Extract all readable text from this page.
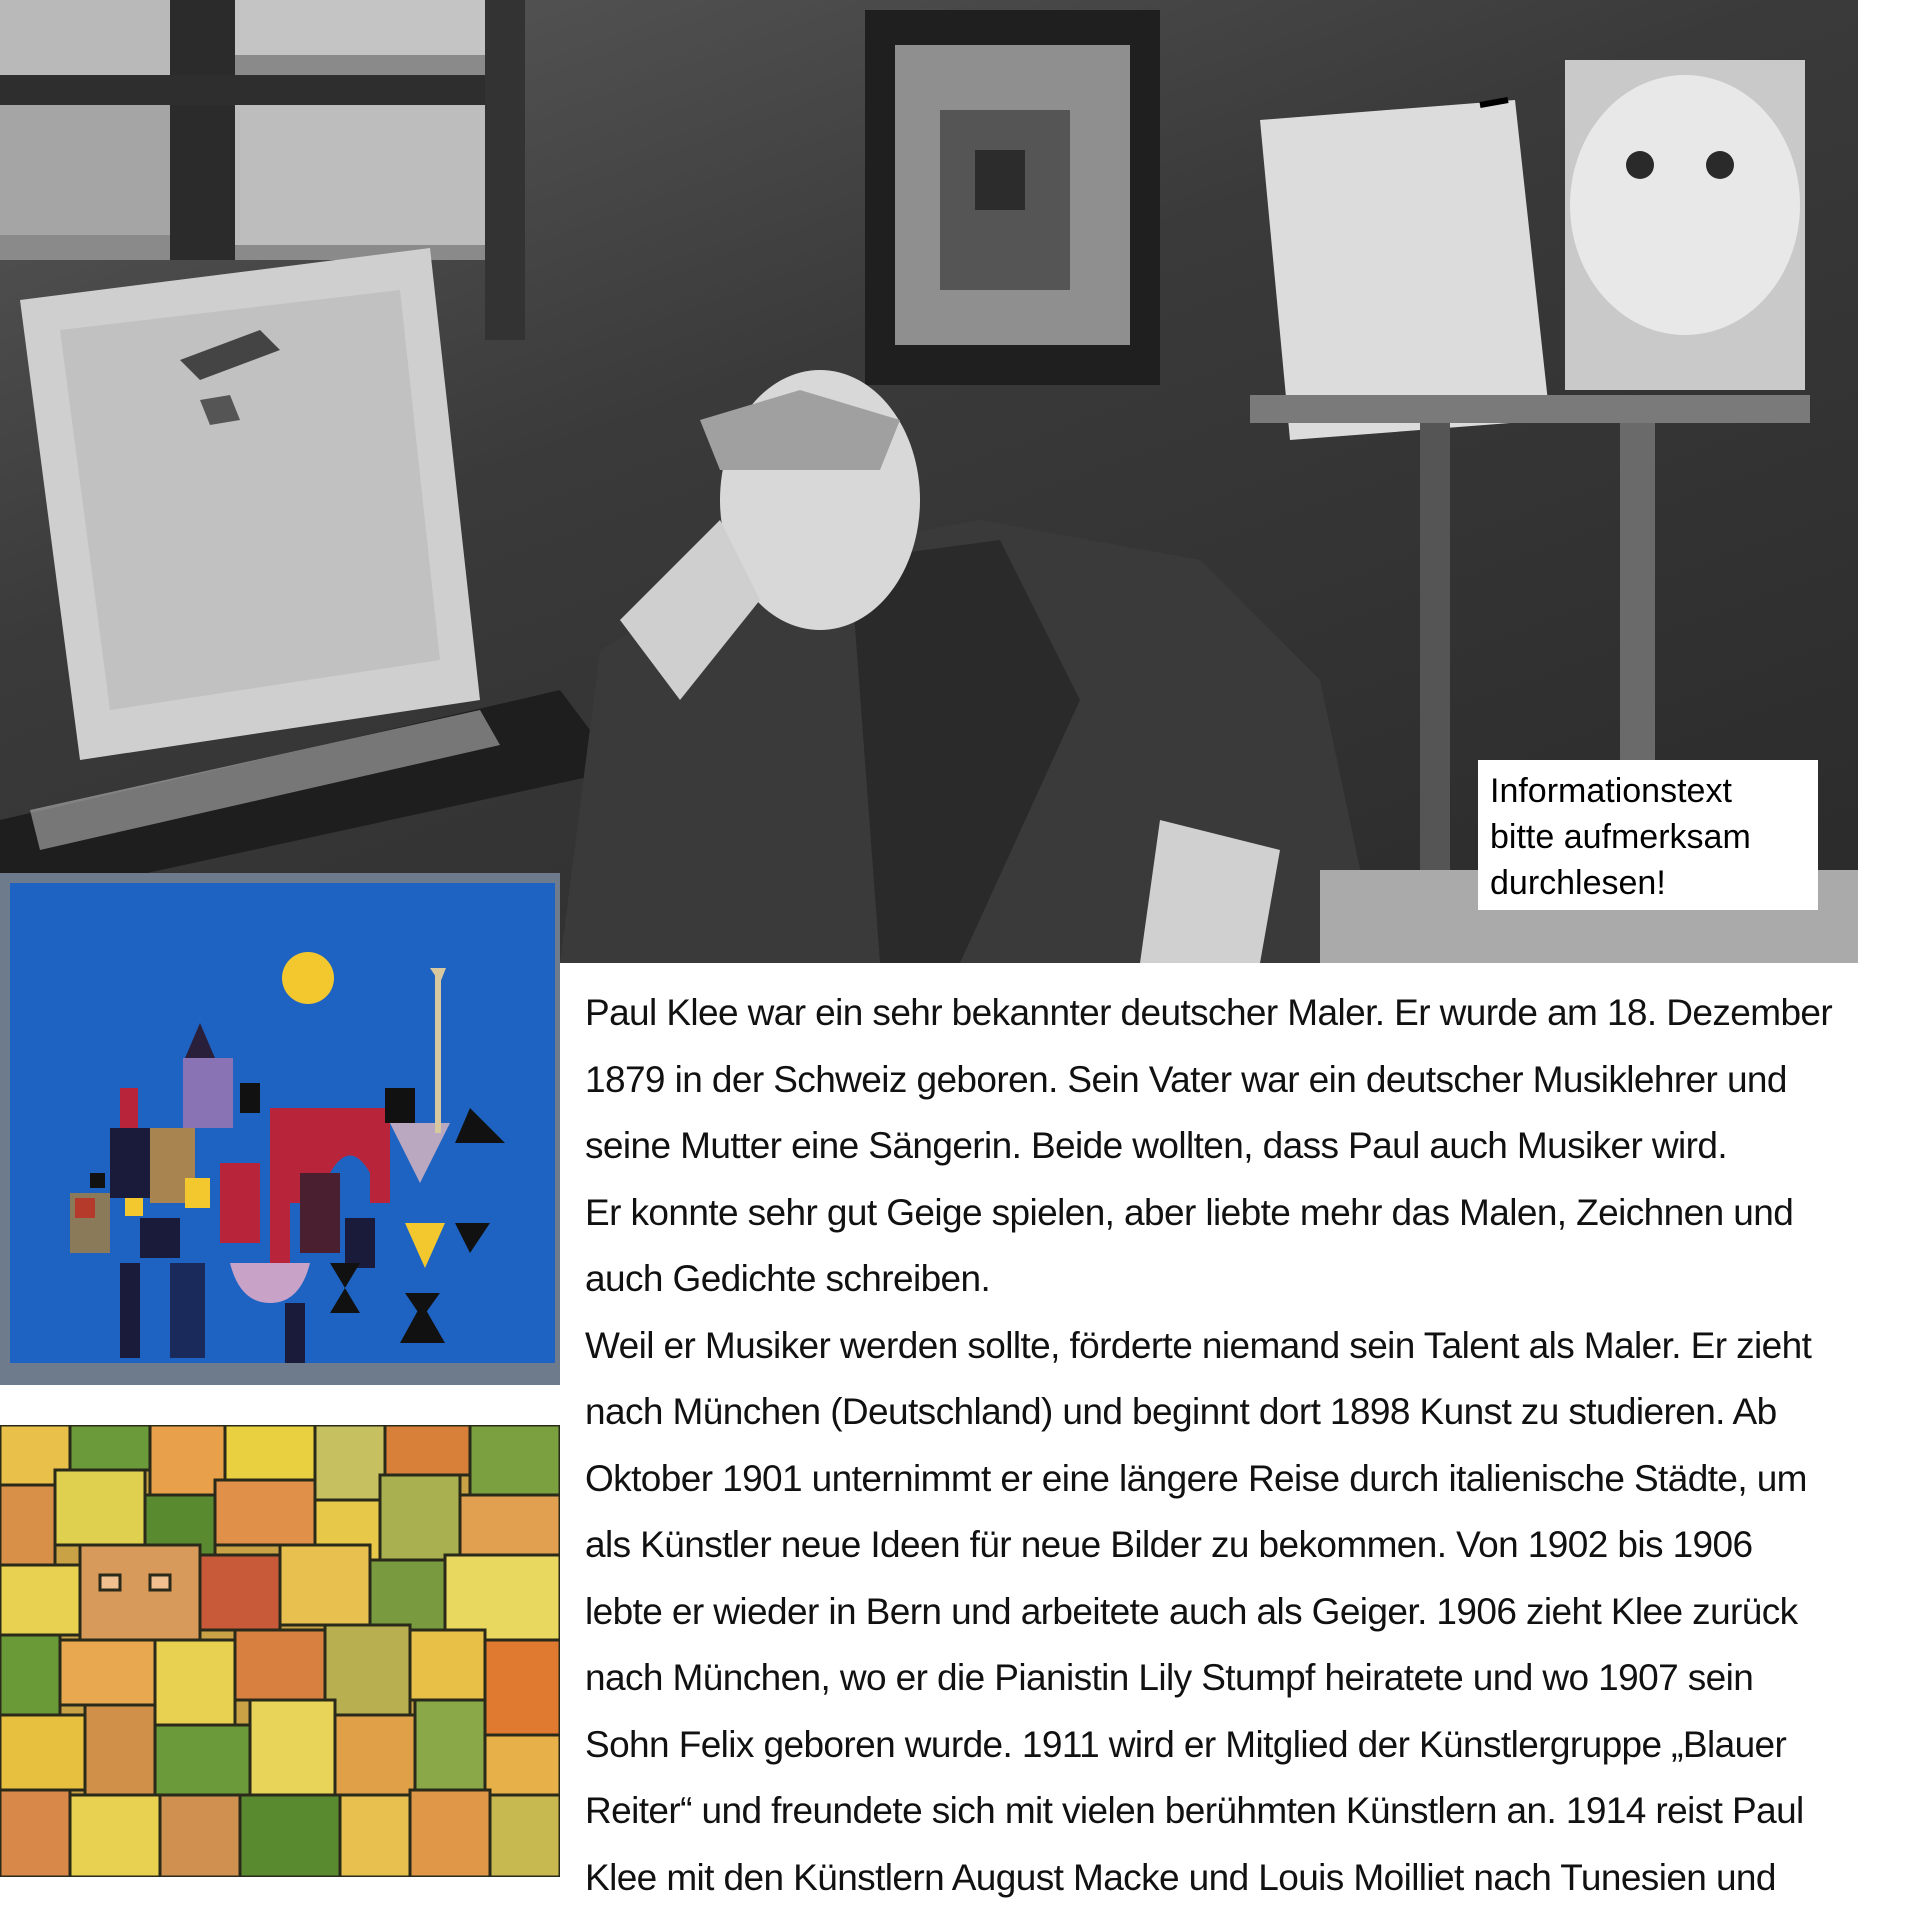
Informationstext
bitte aufmerksam
durchlesen!
Paul Klee war ein sehr bekannter deutscher Maler. Er wurde am 18. Dezember
1879 in der Schweiz geboren. Sein Vater war ein deutscher Musiklehrer und
seine Mutter eine Sängerin. Beide wollten, dass Paul auch Musiker wird.
Er konnte sehr gut Geige spielen, aber liebte mehr das Malen, Zeichnen und
auch Gedichte schreiben.
Weil er Musiker werden sollte, förderte niemand sein Talent als Maler. Er zieht
nach München (Deutschland) und beginnt dort 1898 Kunst zu studieren. Ab
Oktober 1901 unternimmt er eine längere Reise durch italienische Städte, um
als Künstler neue Ideen für neue Bilder zu bekommen. Von 1902 bis 1906
lebte er wieder in Bern und arbeitete auch als Geiger. 1906 zieht Klee zurück
nach München, wo er die Pianistin Lily Stumpf heiratete und wo 1907 sein
Sohn Felix geboren wurde. 1911 wird er Mitglied der Künstlergruppe „Blauer
Reiter“ und freundete sich mit vielen berühmten Künstlern an. 1914 reist Paul
Klee mit den Künstlern August Macke und Louis Moilliet nach Tunesien und
